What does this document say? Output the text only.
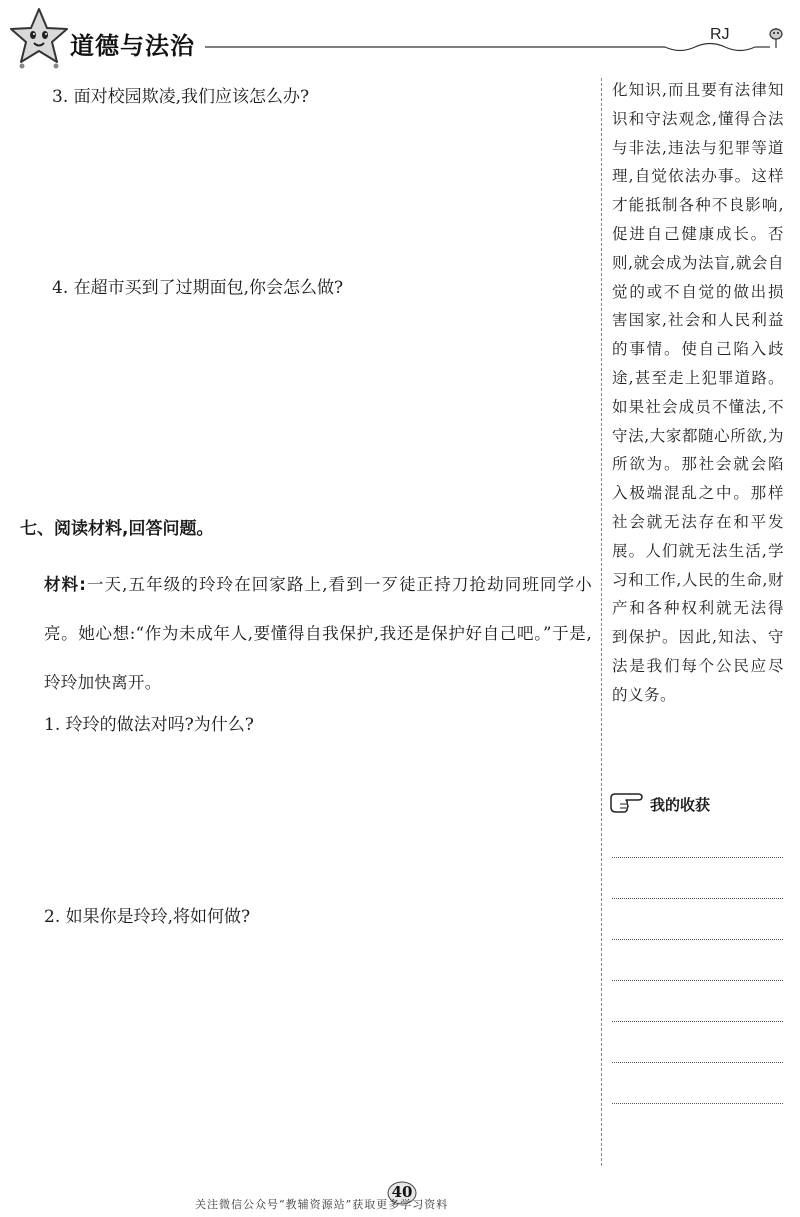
道德与法治	RJ
3. 面对校园欺凌,我们应该怎么办?
4. 在超市买到了过期面包,你会怎么做?
七、阅读材料,回答问题。
材料:一天,五年级的玲玲在回家路上,看到一歹徒正持刀抢劫同班同学小亮。她心想:“作为未成年人,要懂得自我保护,我还是保护好自己吧。”于是,玲玲加快离开。
1. 玲玲的做法对吗?为什么?
2. 如果你是玲玲,将如何做?
化知识,而且要有法律知识和守法观念,懂得合法与非法,违法与犯罪等道理,自觉依法办事。这样才能抵制各种不良影响,促进自己健康成长。否则,就会成为法盲,就会自觉的或不自觉的做出损害国家,社会和人民利益的事情。使自己陷入歧途,甚至走上犯罪道路。如果社会成员不懂法,不守法,大家都随心所欲,为所欲为。那社会就会陷入极端混乱之中。那样社会就无法存在和平发展。人们就无法生活,学习和工作,人民的生命,财产和各种权利就无法得到保护。因此,知法、守法是我们每个公民应尽的义务。
我的收获
40
关注微信公众号“教辅资源站”获取更多学习资料
